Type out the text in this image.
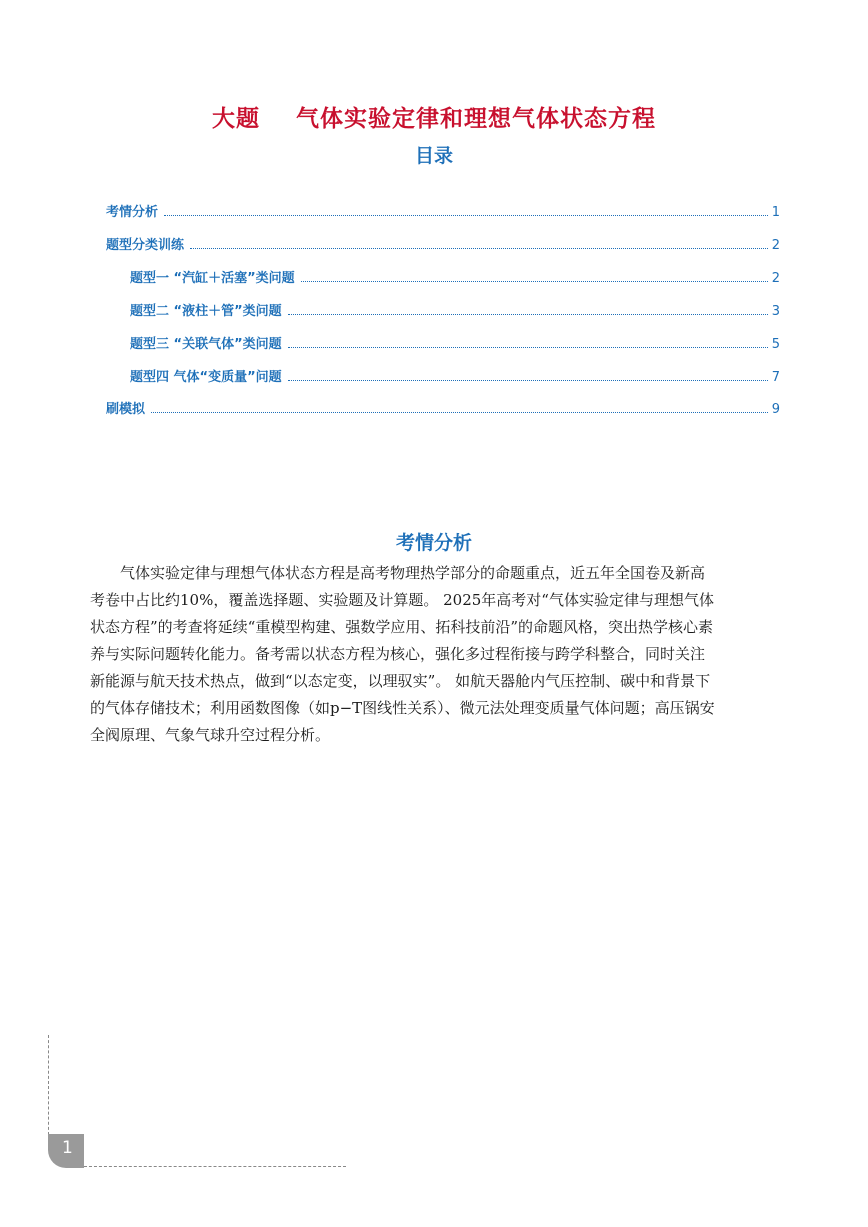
大题    气体实验定律和理想气体状态方程
目录
考情分析	1
题型分类训练	2
题型一 “汽缸＋活塞”类问题	2
题型二 “液柱＋管”类问题	3
题型三 “关联气体”类问题	5
题型四 气体“变质量”问题	7
刷模拟	9
考情分析
气体实验定律与理想气体状态方程是高考物理热学部分的命题重点，近五年全国卷及新高
考卷中占比约10%，覆盖选择题、实验题及计算题。 2025年高考对“气体实验定律与理想气体
状态方程”的考查将延续“重模型构建、强数学应用、拓科技前沿”的命题风格，突出热学核心素
养与实际问题转化能力。备考需以状态方程为核心，强化多过程衔接与跨学科整合，同时关注
新能源与航天技术热点，做到“以态定变，以理驭实”。 如航天器舱内气压控制、碳中和背景下
的气体存储技术；利用函数图像（如p−T图线性关系）、微元法处理变质量气体问题；高压锅安
全阀原理、气象气球升空过程分析。
1
